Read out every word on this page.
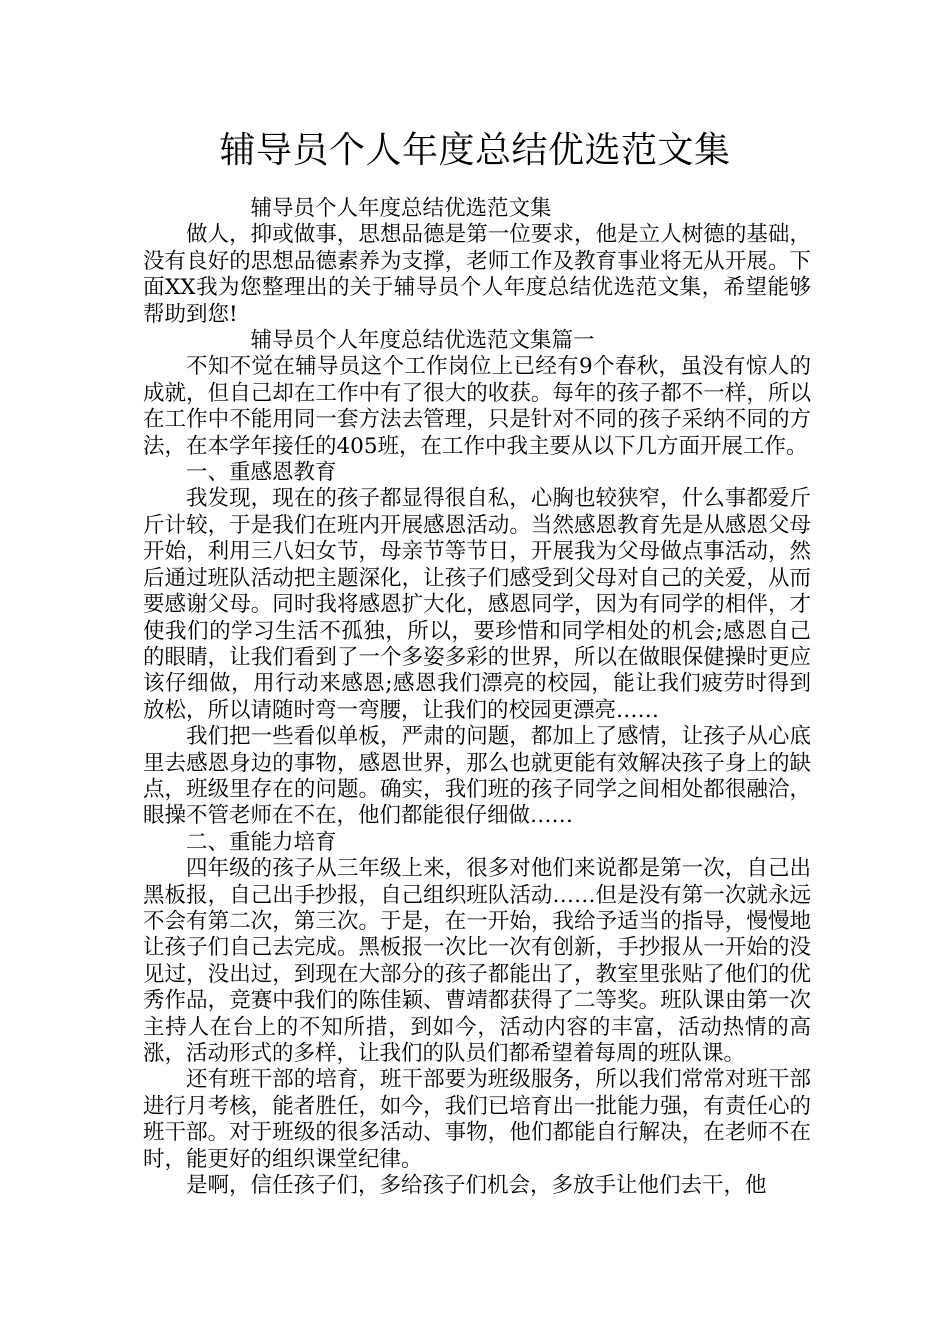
辅导员个人年度总结优选范文集

辅导员个人年度总结优选范文集

做人，抑或做事，思想品德是第一位要求，他是立人树德的基础，没有良好的思想品德素养为支撑，老师工作及教育事业将无从开展。下面XX我为您整理出的关于辅导员个人年度总结优选范文集，希望能够帮助到您!

辅导员个人年度总结优选范文集篇一

不知不觉在辅导员这个工作岗位上已经有9个春秋，虽没有惊人的成就，但自己却在工作中有了很大的收获。每年的孩子都不一样，所以在工作中不能用同一套方法去管理，只是针对不同的孩子采纳不同的方法，在本学年接任的405班，在工作中我主要从以下几方面开展工作。

一、重感恩教育

我发现，现在的孩子都显得很自私，心胸也较狭窄，什么事都爱斤斤计较，于是我们在班内开展感恩活动。当然感恩教育先是从感恩父母开始，利用三八妇女节，母亲节等节日，开展我为父母做点事活动，然后通过班队活动把主题深化，让孩子们感受到父母对自己的关爱，从而要感谢父母。同时我将感恩扩大化，感恩同学，因为有同学的相伴，才使我们的学习生活不孤独，所以，要珍惜和同学相处的机会;感恩自己的眼睛，让我们看到了一个多姿多彩的世界，所以在做眼保健操时更应该仔细做，用行动来感恩;感恩我们漂亮的校园，能让我们疲劳时得到放松，所以请随时弯一弯腰，让我们的校园更漂亮……

我们把一些看似单板，严肃的问题，都加上了感情，让孩子从心底里去感恩身边的事物，感恩世界，那么也就更能有效解决孩子身上的缺点，班级里存在的问题。确实，我们班的孩子同学之间相处都很融洽，眼操不管老师在不在，他们都能很仔细做……

二、重能力培育

四年级的孩子从三年级上来，很多对他们来说都是第一次，自己出黑板报，自己出手抄报，自己组织班队活动……但是没有第一次就永远不会有第二次，第三次。于是，在一开始，我给予适当的指导，慢慢地让孩子们自己去完成。黑板报一次比一次有创新，手抄报从一开始的没见过，没出过，到现在大部分的孩子都能出了，教室里张贴了他们的优秀作品，竞赛中我们的陈佳颖、曹靖都获得了二等奖。班队课由第一次主持人在台上的不知所措，到如今，活动内容的丰富，活动热情的高涨，活动形式的多样，让我们的队员们都希望着每周的班队课。

还有班干部的培育，班干部要为班级服务，所以我们常常对班干部进行月考核，能者胜任，如今，我们已培育出一批能力强，有责任心的班干部。对于班级的很多活动、事物，他们都能自行解决，在老师不在时，能更好的组织课堂纪律。

是啊，信任孩子们，多给孩子们机会，多放手让他们去干，他
